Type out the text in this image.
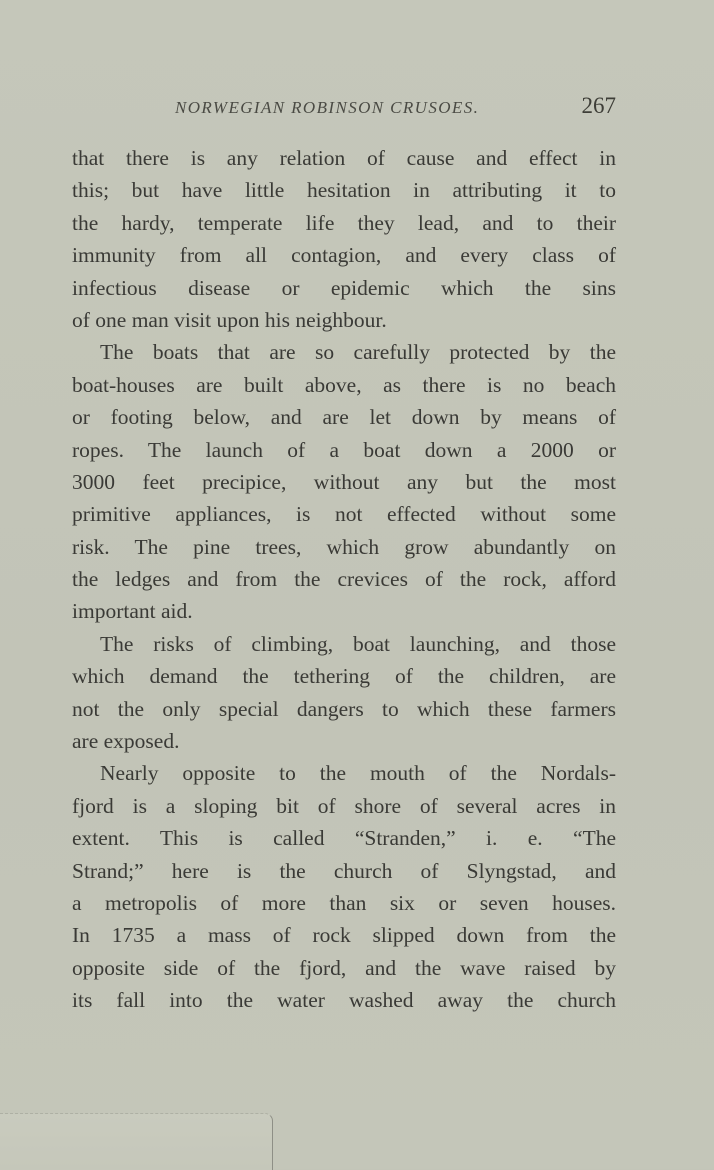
NORWEGIAN ROBINSON CRUSOES.	267
that there is any relation of cause and effect in
this; but have little hesitation in attributing it to
the hardy, temperate life they lead, and to their
immunity from all contagion, and every class of
infectious disease or epidemic which the sins
of one man visit upon his neighbour.
The boats that are so carefully protected by the
boat-houses are built above, as there is no beach
or footing below, and are let down by means of
ropes. The launch of a boat down a 2000 or
3000 feet precipice, without any but the most
primitive appliances, is not effected without some
risk. The pine trees, which grow abundantly on
the ledges and from the crevices of the rock, afford
important aid.
The risks of climbing, boat launching, and those
which demand the tethering of the children, are
not the only special dangers to which these farmers
are exposed.
Nearly opposite to the mouth of the Nordals-
fjord is a sloping bit of shore of several acres in
extent. This is called “Stranden,” i. e. “The
Strand;” here is the church of Slyngstad, and
a metropolis of more than six or seven houses.
In 1735 a mass of rock slipped down from the
opposite side of the fjord, and the wave raised by
its fall into the water washed away the church
